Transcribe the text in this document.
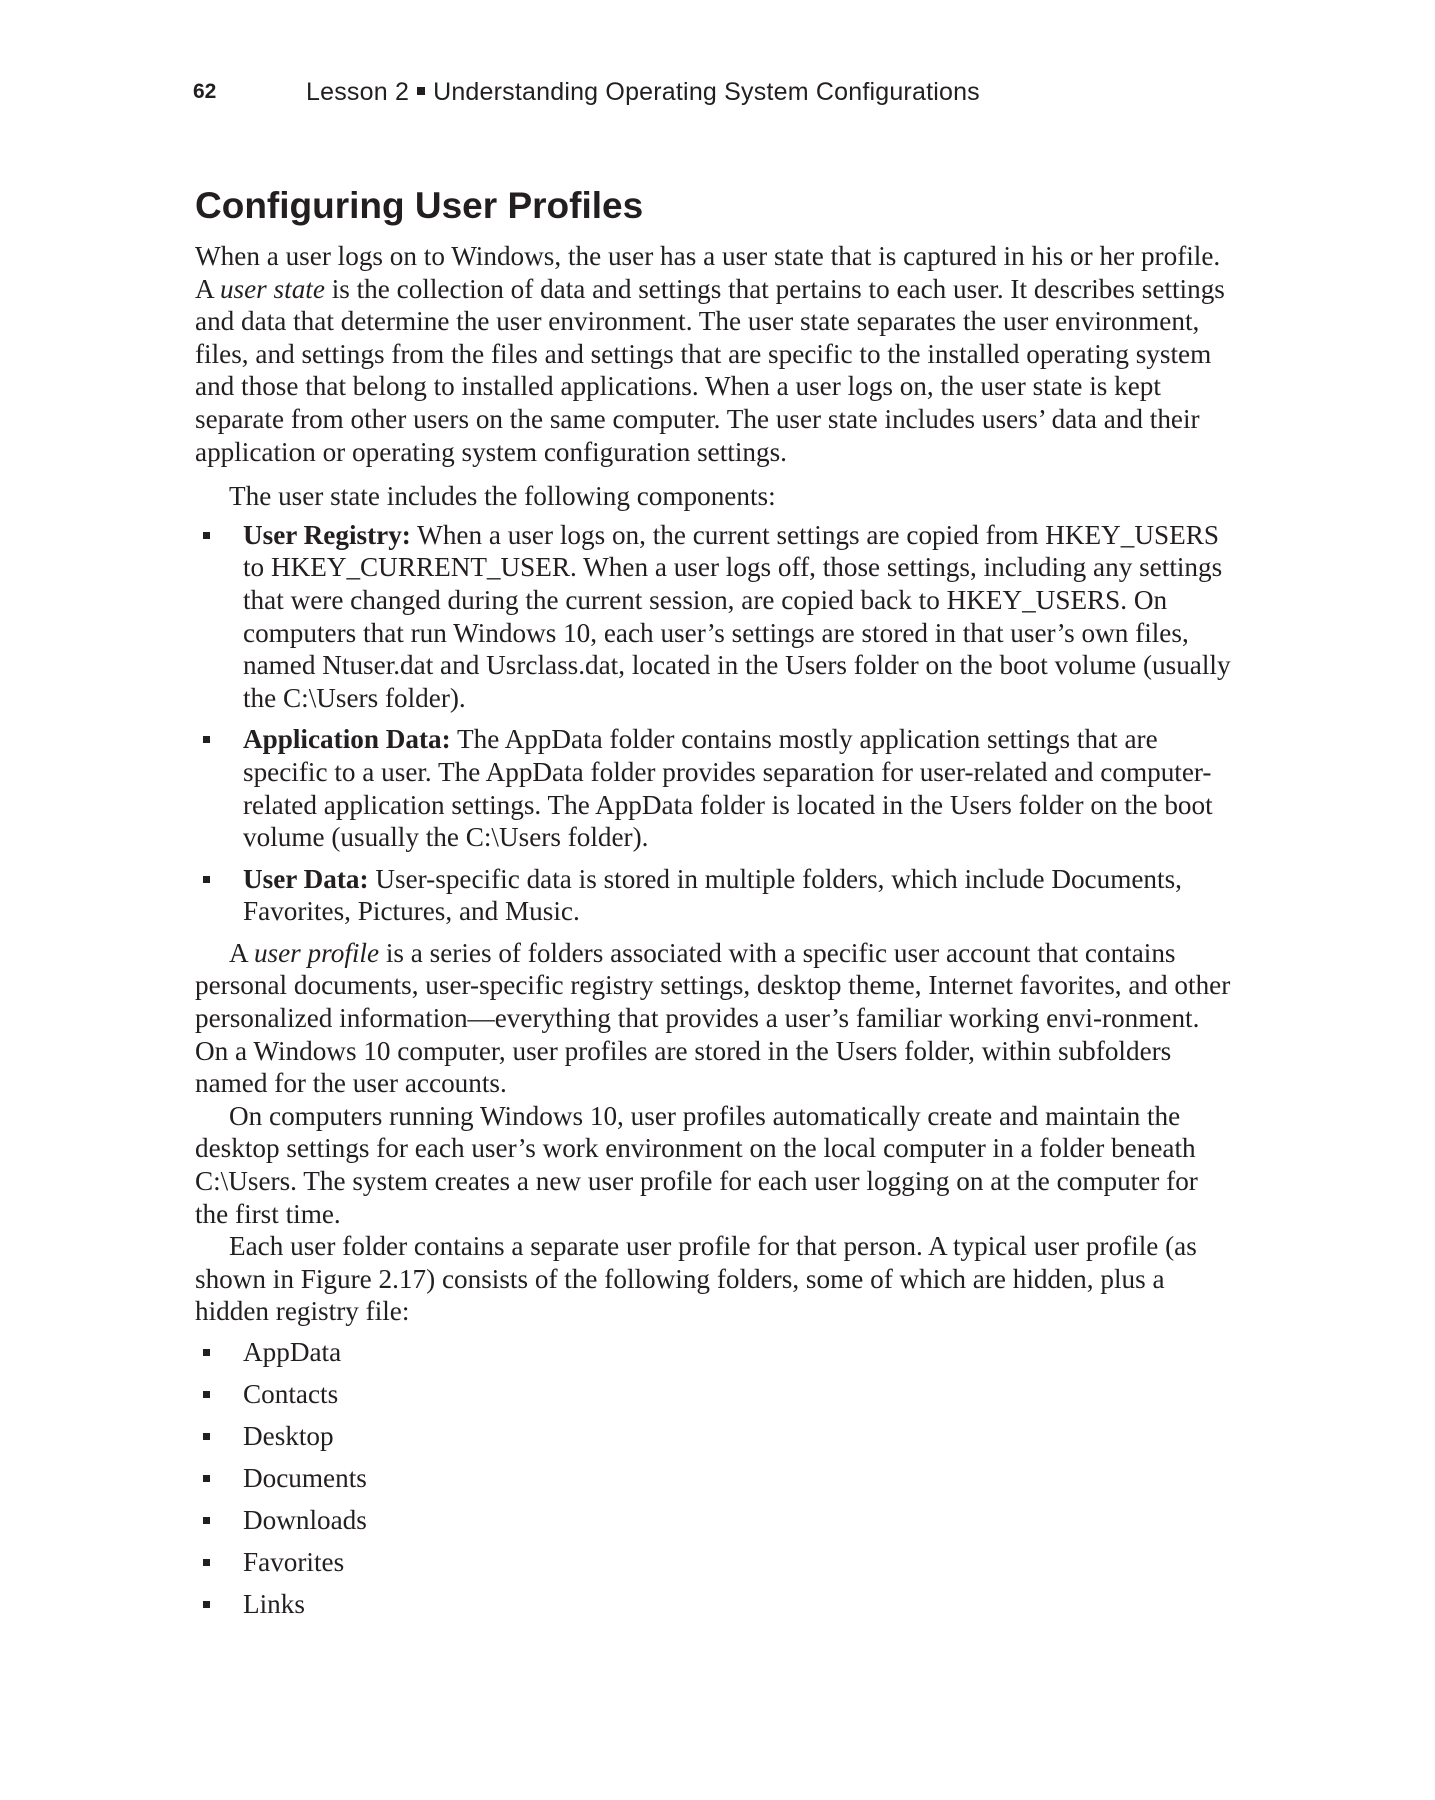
62	Lesson 2 Understanding Operating System Configurations
Configuring User Profiles

When a user logs on to Windows, the user has a user state that is captured in his or her profile. A user state is the collection of data and settings that pertains to each user. It describes settings and data that determine the user environment. The user state separates the user environment, files, and settings from the files and settings that are specific to the installed operating system and those that belong to installed applications. When a user logs on, the user state is kept separate from other users on the same computer. The user state includes users’ data and their application or operating system configuration settings.

The user state includes the following components:

User Registry: When a user logs on, the current settings are copied from HKEY_USERS to HKEY_CURRENT_USER. When a user logs off, those settings, including any settings that were changed during the current session, are copied back to HKEY_USERS. On computers that run Windows 10, each user’s settings are stored in that user’s own files, named Ntuser.dat and Usrclass.dat, located in the Users folder on the boot volume (usually the C:\Users folder).
Application Data: The AppData folder contains mostly application settings that are specific to a user. The AppData folder provides separation for user-related and computer-related application settings. The AppData folder is located in the Users folder on the boot volume (usually the C:\Users folder).
User Data: User-specific data is stored in multiple folders, which include Documents, Favorites, Pictures, and Music.

A user profile is a series of folders associated with a specific user account that contains personal documents, user-specific registry settings, desktop theme, Internet favorites, and other personalized information—everything that provides a user’s familiar working envi-ronment. On a Windows 10 computer, user profiles are stored in the Users folder, within subfolders named for the user accounts.

On computers running Windows 10, user profiles automatically create and maintain the desktop settings for each user’s work environment on the local computer in a folder beneath C:\Users. The system creates a new user profile for each user logging on at the computer for the first time.

Each user folder contains a separate user profile for that person. A typical user profile (as shown in Figure 2.17) consists of the following folders, some of which are hidden, plus a hidden registry file:

AppData
Contacts
Desktop
Documents
Downloads
Favorites
Links
